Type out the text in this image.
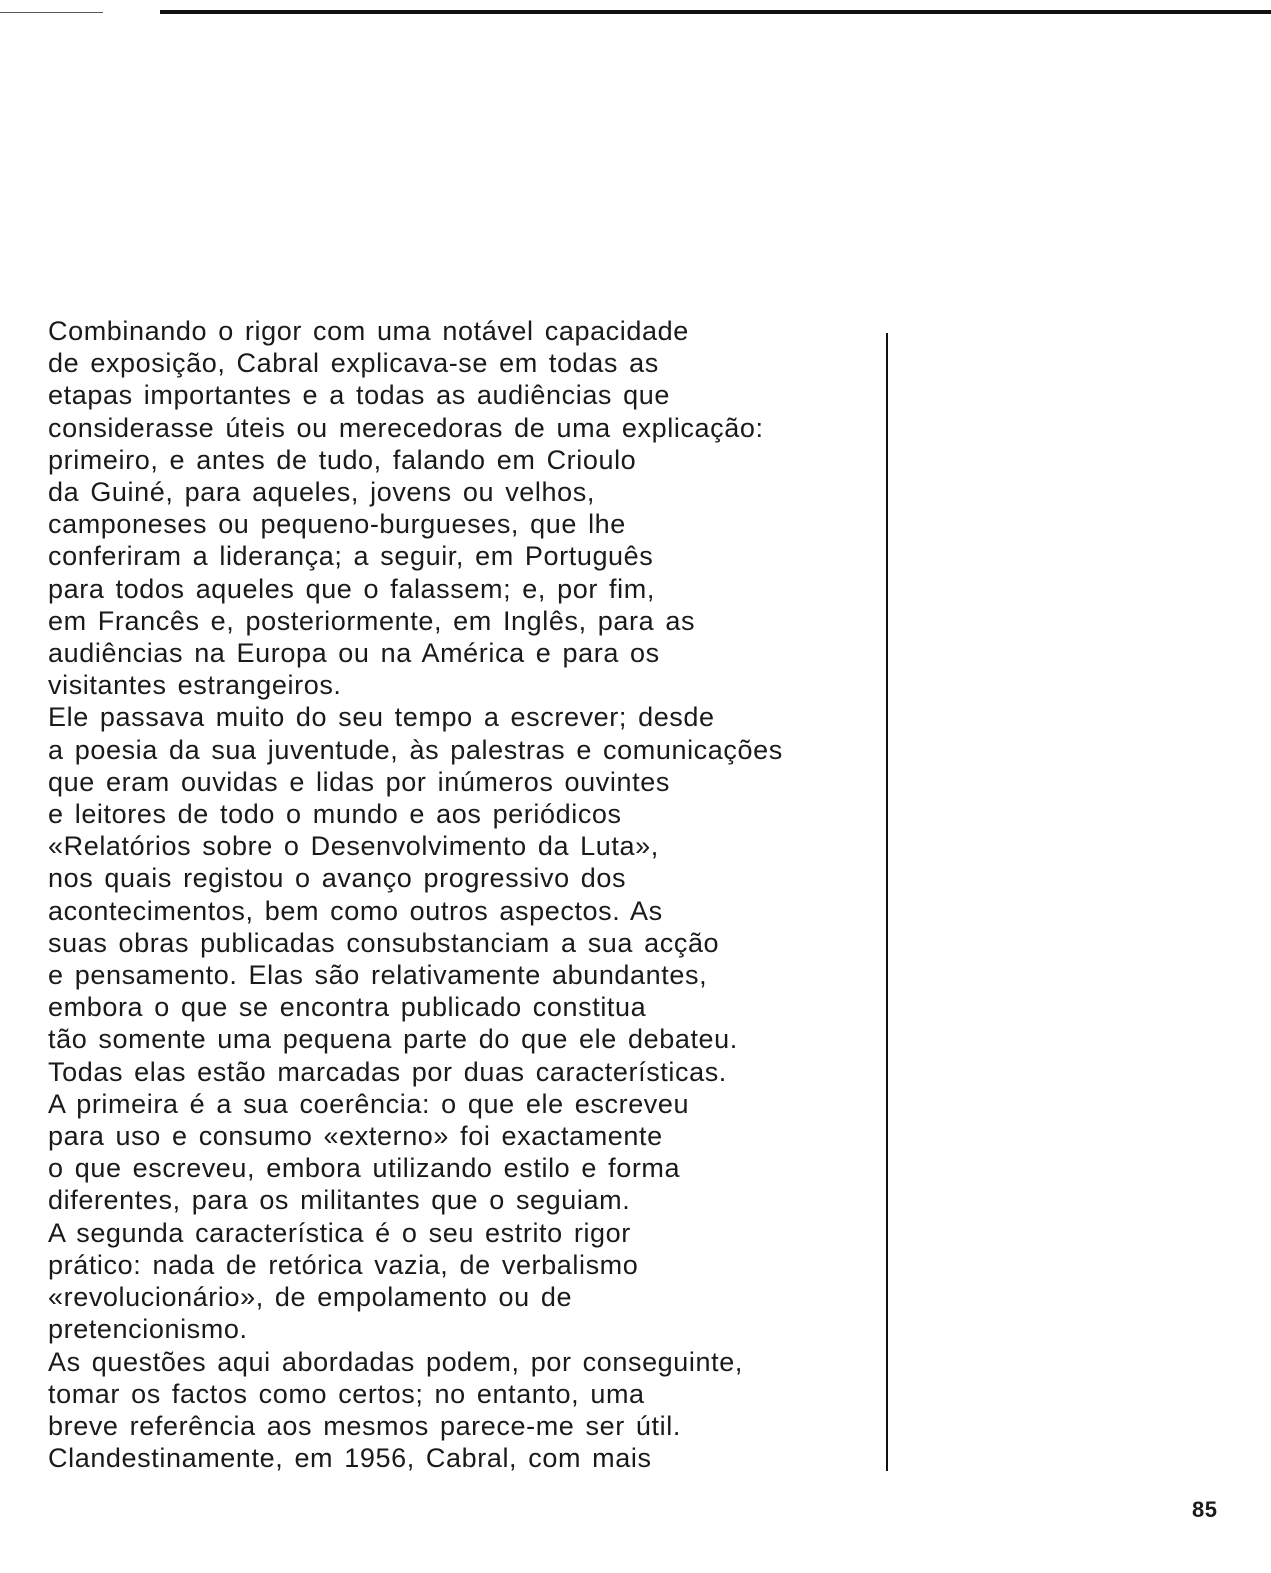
Combinando o rigor com uma notável capacidade
de exposição, Cabral explicava-se em todas as
etapas importantes e a todas as audiências que
considerasse úteis ou merecedoras de uma explicação:
primeiro, e antes de tudo, falando em Crioulo
da Guiné, para aqueles, jovens ou velhos,
camponeses ou pequeno-burgueses, que lhe
conferiram a liderança; a seguir, em Português
para todos aqueles que o falassem; e, por fim,
em Francês e, posteriormente, em Inglês, para as
audiências na Europa ou na América e para os
visitantes estrangeiros.
Ele passava muito do seu tempo a escrever; desde
a poesia da sua juventude, às palestras e comunicações
que eram ouvidas e lidas por inúmeros ouvintes
e leitores de todo o mundo e aos periódicos
«Relatórios sobre o Desenvolvimento da Luta»,
nos quais registou o avanço progressivo dos
acontecimentos, bem como outros aspectos. As
suas obras publicadas consubstanciam a sua acção
e pensamento. Elas são relativamente abundantes,
embora o que se encontra publicado constitua
tão somente uma pequena parte do que ele debateu.
Todas elas estão marcadas por duas características.
A primeira é a sua coerência: o que ele escreveu
para uso e consumo «externo» foi exactamente
o que escreveu, embora utilizando estilo e forma
diferentes, para os militantes que o seguiam.
A segunda característica é o seu estrito rigor
prático: nada de retórica vazia, de verbalismo
«revolucionário», de empolamento ou de
pretencionismo.
As questões aqui abordadas podem, por conseguinte,
tomar os factos como certos; no entanto, uma
breve referência aos mesmos parece-me ser útil.
Clandestinamente, em 1956, Cabral, com mais
85
